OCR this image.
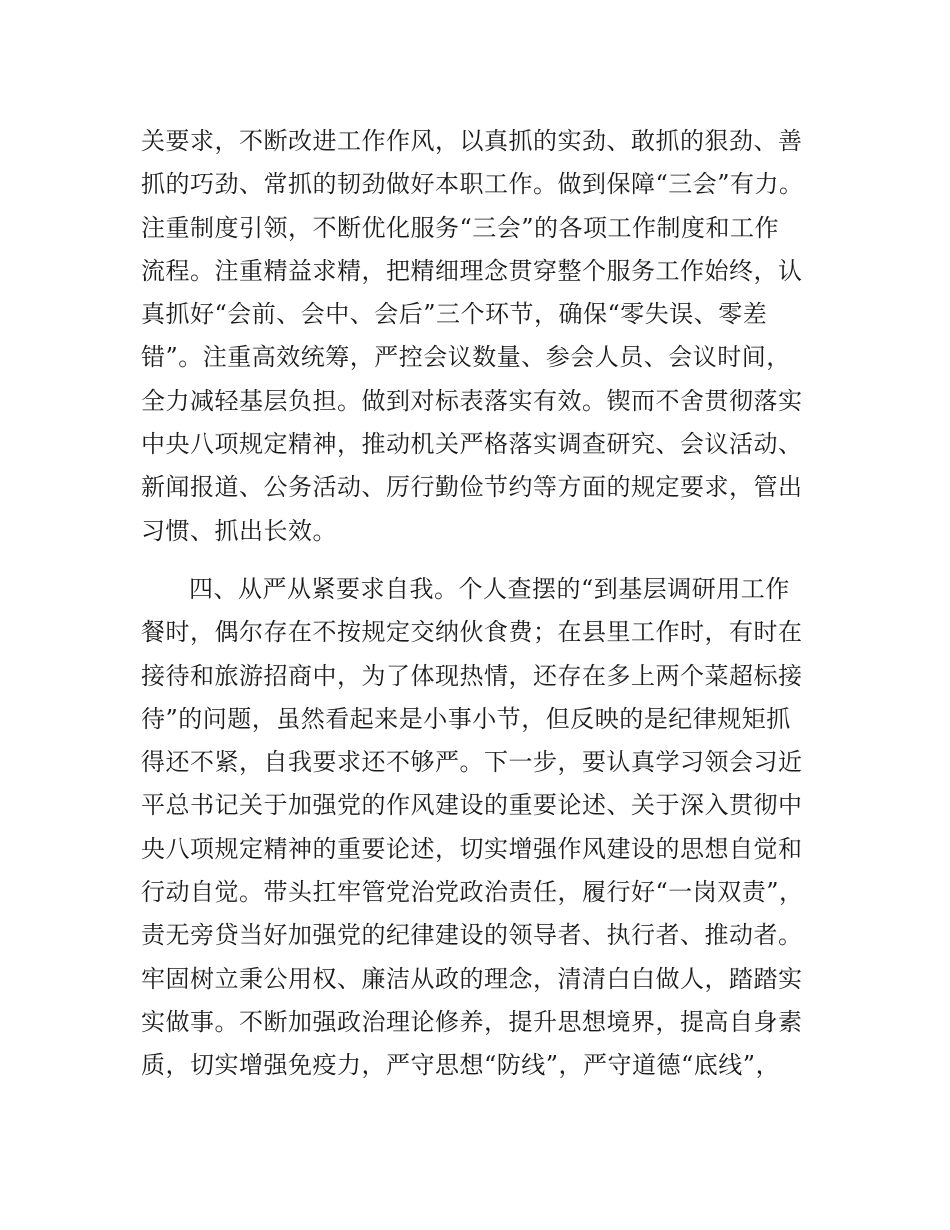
关要求，不断改进工作作风，以真抓的实劲、敢抓的狠劲、善
抓的巧劲、常抓的韧劲做好本职工作。做到保障“三会”有力。
注重制度引领，不断优化服务“三会”的各项工作制度和工作
流程。注重精益求精，把精细理念贯穿整个服务工作始终，认
真抓好“会前、会中、会后”三个环节，确保“零失误、零差
错”。注重高效统筹，严控会议数量、参会人员、会议时间，
全力减轻基层负担。做到对标表落实有效。锲而不舍贯彻落实
中央八项规定精神，推动机关严格落实调查研究、会议活动、
新闻报道、公务活动、厉行勤俭节约等方面的规定要求，管出
习惯、抓出长效。
四、从严从紧要求自我。个人查摆的“到基层调研用工作
餐时，偶尔存在不按规定交纳伙食费；在县里工作时，有时在
接待和旅游招商中，为了体现热情，还存在多上两个菜超标接
待”的问题，虽然看起来是小事小节，但反映的是纪律规矩抓
得还不紧，自我要求还不够严。下一步，要认真学习领会习近
平总书记关于加强党的作风建设的重要论述、关于深入贯彻中
央八项规定精神的重要论述，切实增强作风建设的思想自觉和
行动自觉。带头扛牢管党治党政治责任，履行好“一岗双责”，
责无旁贷当好加强党的纪律建设的领导者、执行者、推动者。
牢固树立秉公用权、廉洁从政的理念，清清白白做人，踏踏实
实做事。不断加强政治理论修养，提升思想境界，提高自身素
质，切实增强免疫力，严守思想“防线”，严守道德“底线”，
